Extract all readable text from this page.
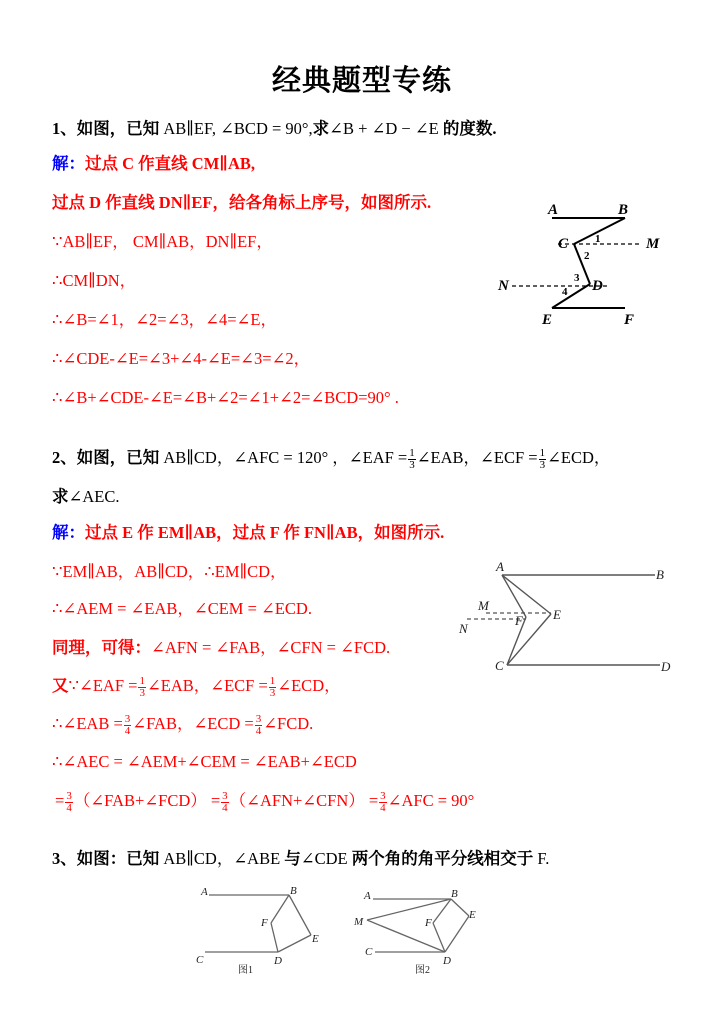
经典题型专练
1、如图，已知 AB∥EF, ∠BCD = 90°,求∠B + ∠D − ∠E 的度数.
解：过点 C 作直线 CM∥AB,
过点 D 作直线 DN∥EF，给各角标上序号，如图所示.
∵AB∥EF， CM∥AB，DN∥EF，
∴CM∥DN，
∴∠B=∠1，∠2=∠3，∠4=∠E，
∴∠CDE-∠E=∠3+∠4-∠E=∠3=∠2，
∴∠B+∠CDE-∠E=∠B+∠2=∠1+∠2=∠BCD=90° .
A	B
C	M
N	D
E	F
1
2
3
4
2、如图，已知 AB∥CD，∠AFC = 120° ，∠EAF = $\frac{1}{3}$ ∠EAB，∠ECF = $\frac{1}{3}$ ∠ECD，
求∠AEC.
解：过点 E 作 EM∥AB，过点 F 作 FN∥AB，如图所示.
∵EM∥AB，AB∥CD，∴EM∥CD，
∴∠AEM = ∠EAB，∠CEM = ∠ECD.
同理，可得：∠AFN = ∠FAB，∠CFN = ∠FCD.
又∵∠EAF = $\frac{1}{3}$ ∠EAB，∠ECF = $\frac{1}{3}$ ∠ECD，
∴∠EAB = $\frac{3}{4}$ ∠FAB，∠ECD = $\frac{3}{4}$ ∠FCD.
∴∠AEC = ∠AEM+∠CEM = ∠EAB+∠ECD
= $\frac{3}{4}$ （∠FAB+∠FCD） = $\frac{3}{4}$ （∠AFN+∠CFN） = $\frac{3}{4}$ ∠AFC = 90°
A
B
M
E
N
F
C	D
3、如图：已知 AB∥CD，∠ABE 与∠CDE 两个角的角平分线相交于 F.
A	B
F
E
C	D
图1
A	B
M	F
E
C
D
图2
